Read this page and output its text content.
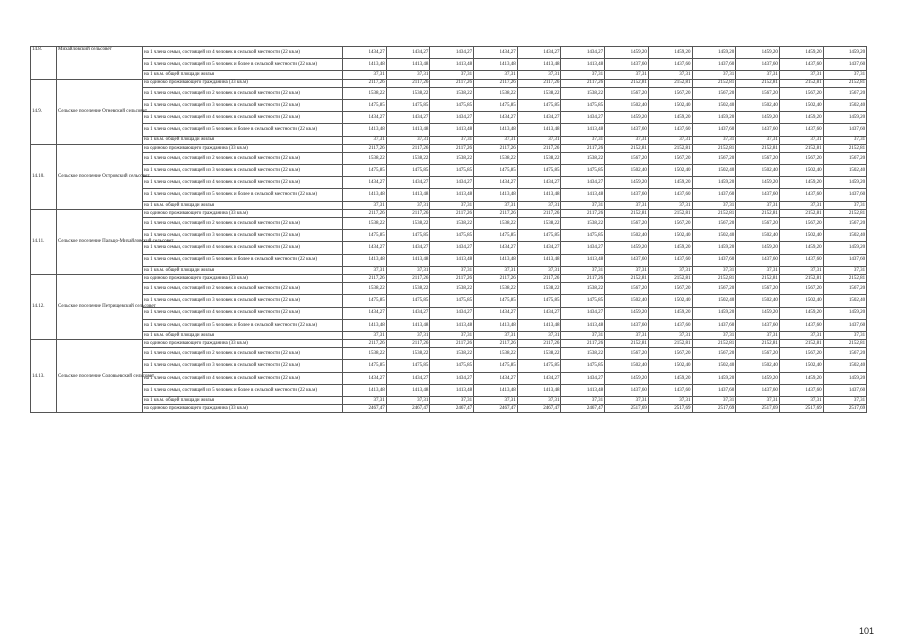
14.8.	Михайловский сельсовет	на 1 члена семьи, состоящей из 4 человек в сельской местности (22 кв.м)	1434,27	1434,27	1434,27	1434,27	1434,27	1434,27	1459,20	1459,20	1459,20	1459,20	1459,20	1459,20
		на 1 члена семьи, состоящей из 5 человек и более в сельской местности (22 кв.м)	1413,48	1413,48	1413,48	1413,48	1413,48	1413,48	1437,60	1437,60	1437,60	1437,60	1437,60	1437,60
		на 1 кв.м. общей площади жилья	37,31	37,31	37,31	37,31	37,31	37,31	37,31	37,31	37,31	37,31	37,31	37,31
14.9.	Сельское поселение Огневский сельсовет	на одиноко проживающего гражданина (33 кв.м)	2117,26	2117,26	2117,26	2117,26	2117,26	2117,26	2152,81	2152,81	2152,81	2152,81	2152,81	2152,81
		на 1 члена семьи, состоящей из 2 человек в сельской местности (22 кв.м)	1538,22	1538,22	1538,22	1538,22	1538,22	1538,22	1567,20	1567,20	1567,20	1567,20	1567,20	1567,20
		на 1 члена семьи, состоящей из 3 человек в сельской местности (22 кв.м)	1475,85	1475,85	1475,85	1475,85	1475,85	1475,85	1502,40	1502,40	1502,40	1502,40	1502,40	1502,40
		на 1 члена семьи, состоящей из 4 человек в сельской местности (22 кв.м)	1434,27	1434,27	1434,27	1434,27	1434,27	1434,27	1459,20	1459,20	1459,20	1459,20	1459,20	1459,20
		на 1 члена семьи, состоящей из 5 человек и более в сельской местности (22 кв.м)	1413,48	1413,48	1413,48	1413,48	1413,48	1413,48	1437,60	1437,60	1437,60	1437,60	1437,60	1437,60
		на 1 кв.м. общей площади жилья	37,31	37,31	37,31	37,31	37,31	37,31	37,31	37,31	37,31	37,31	37,31	37,31
14.10.	Сельское поселение Островский сельсовет	на одиноко проживающего гражданина (33 кв.м)	2117,26	2117,26	2117,26	2117,26	2117,26	2117,26	2152,81	2152,81	2152,81	2152,81	2152,81	2152,81
		на 1 члена семьи, состоящей из 2 человек в сельской местности (22 кв.м)	1538,22	1538,22	1538,22	1538,22	1538,22	1538,22	1567,20	1567,20	1567,20	1567,20	1567,20	1567,20
		на 1 члена семьи, состоящей из 3 человек в сельской местности (22 кв.м)	1475,85	1475,85	1475,85	1475,85	1475,85	1475,85	1502,40	1502,40	1502,40	1502,40	1502,40	1502,40
		на 1 члена семьи, состоящей из 4 человек в сельской местности (22 кв.м)	1434,27	1434,27	1434,27	1434,27	1434,27	1434,27	1459,20	1459,20	1459,20	1459,20	1459,20	1459,20
		на 1 члена семьи, состоящей из 5 человек и более в сельской местности (22 кв.м)	1413,48	1413,48	1413,48	1413,48	1413,48	1413,48	1437,60	1437,60	1437,60	1437,60	1437,60	1437,60
		на 1 кв.м. общей площади жилья	37,31	37,31	37,31	37,31	37,31	37,31	37,31	37,31	37,31	37,31	37,31	37,31
14.11.	Сельское поселение Пальцо-Михайловский сельсовет	на одиноко проживающего гражданина (33 кв.м)	2117,26	2117,26	2117,26	2117,26	2117,26	2117,26	2152,81	2152,81	2152,81	2152,81	2152,81	2152,81
		на 1 члена семьи, состоящей из 2 человек в сельской местности (22 кв.м)	1538,22	1538,22	1538,22	1538,22	1538,22	1538,22	1567,20	1567,20	1567,20	1567,20	1567,20	1567,20
		на 1 члена семьи, состоящей из 3 человек в сельской местности (22 кв.м)	1475,85	1475,85	1475,85	1475,85	1475,85	1475,85	1502,40	1502,40	1502,40	1502,40	1502,40	1502,40
		на 1 члена семьи, состоящей из 4 человек в сельской местности (22 кв.м)	1434,27	1434,27	1434,27	1434,27	1434,27	1434,27	1459,20	1459,20	1459,20	1459,20	1459,20	1459,20
		на 1 члена семьи, состоящей из 5 человек и более в сельской местности (22 кв.м)	1413,48	1413,48	1413,48	1413,48	1413,48	1413,48	1437,60	1437,60	1437,60	1437,60	1437,60	1437,60
		на 1 кв.м. общей площади жилья	37,31	37,31	37,31	37,31	37,31	37,31	37,31	37,31	37,31	37,31	37,31	37,31
14.12.	Сельское поселение Петрищевский сельсовет	на одиноко проживающего гражданина (33 кв.м)	2117,26	2117,26	2117,26	2117,26	2117,26	2117,26	2152,81	2152,81	2152,81	2152,81	2152,81	2152,81
		на 1 члена семьи, состоящей из 2 человек в сельской местности (22 кв.м)	1538,22	1538,22	1538,22	1538,22	1538,22	1538,22	1567,20	1567,20	1567,20	1567,20	1567,20	1567,20
		на 1 члена семьи, состоящей из 3 человек в сельской местности (22 кв.м)	1475,85	1475,85	1475,85	1475,85	1475,85	1475,85	1502,40	1502,40	1502,40	1502,40	1502,40	1502,40
		на 1 члена семьи, состоящей из 4 человек в сельской местности (22 кв.м)	1434,27	1434,27	1434,27	1434,27	1434,27	1434,27	1459,20	1459,20	1459,20	1459,20	1459,20	1459,20
		на 1 члена семьи, состоящей из 5 человек и более в сельской местности (22 кв.м)	1413,48	1413,48	1413,48	1413,48	1413,48	1413,48	1437,60	1437,60	1437,60	1437,60	1437,60	1437,60
		на 1 кв.м. общей площади жилья	37,31	37,31	37,31	37,31	37,31	37,31	37,31	37,31	37,31	37,31	37,31	37,31
14.13.	Сельское поселение Соловьевский сельсовет	на одиноко проживающего гражданина (33 кв.м)	2117,26	2117,26	2117,26	2117,26	2117,26	2117,26	2152,81	2152,81	2152,81	2152,81	2152,81	2152,81
		на 1 члена семьи, состоящей из 2 человек в сельской местности (22 кв.м)	1538,22	1538,22	1538,22	1538,22	1538,22	1538,22	1567,20	1567,20	1567,20	1567,20	1567,20	1567,20
		на 1 члена семьи, состоящей из 3 человек в сельской местности (22 кв.м)	1475,85	1475,85	1475,85	1475,85	1475,85	1475,85	1502,40	1502,40	1502,40	1502,40	1502,40	1502,40
		на 1 члена семьи, состоящей из 4 человек в сельской местности (22 кв.м)	1434,27	1434,27	1434,27	1434,27	1434,27	1434,27	1459,20	1459,20	1459,20	1459,20	1459,20	1459,20
		на 1 члена семьи, состоящей из 5 человек и более в сельской местности (22 кв.м)	1413,48	1413,48	1413,48	1413,48	1413,48	1413,48	1437,60	1437,60	1437,60	1437,60	1437,60	1437,60
		на 1 кв.м. общей площади жилья	37,31	37,31	37,31	37,31	37,31	37,31	37,31	37,31	37,31	37,31	37,31	37,31
		на одиноко проживающего гражданина (33 кв.м)	2467,47	2467,47	2467,47	2467,47	2467,47	2467,47	2517,69	2517,69	2517,69	2517,69	2517,69	2517,69
101
